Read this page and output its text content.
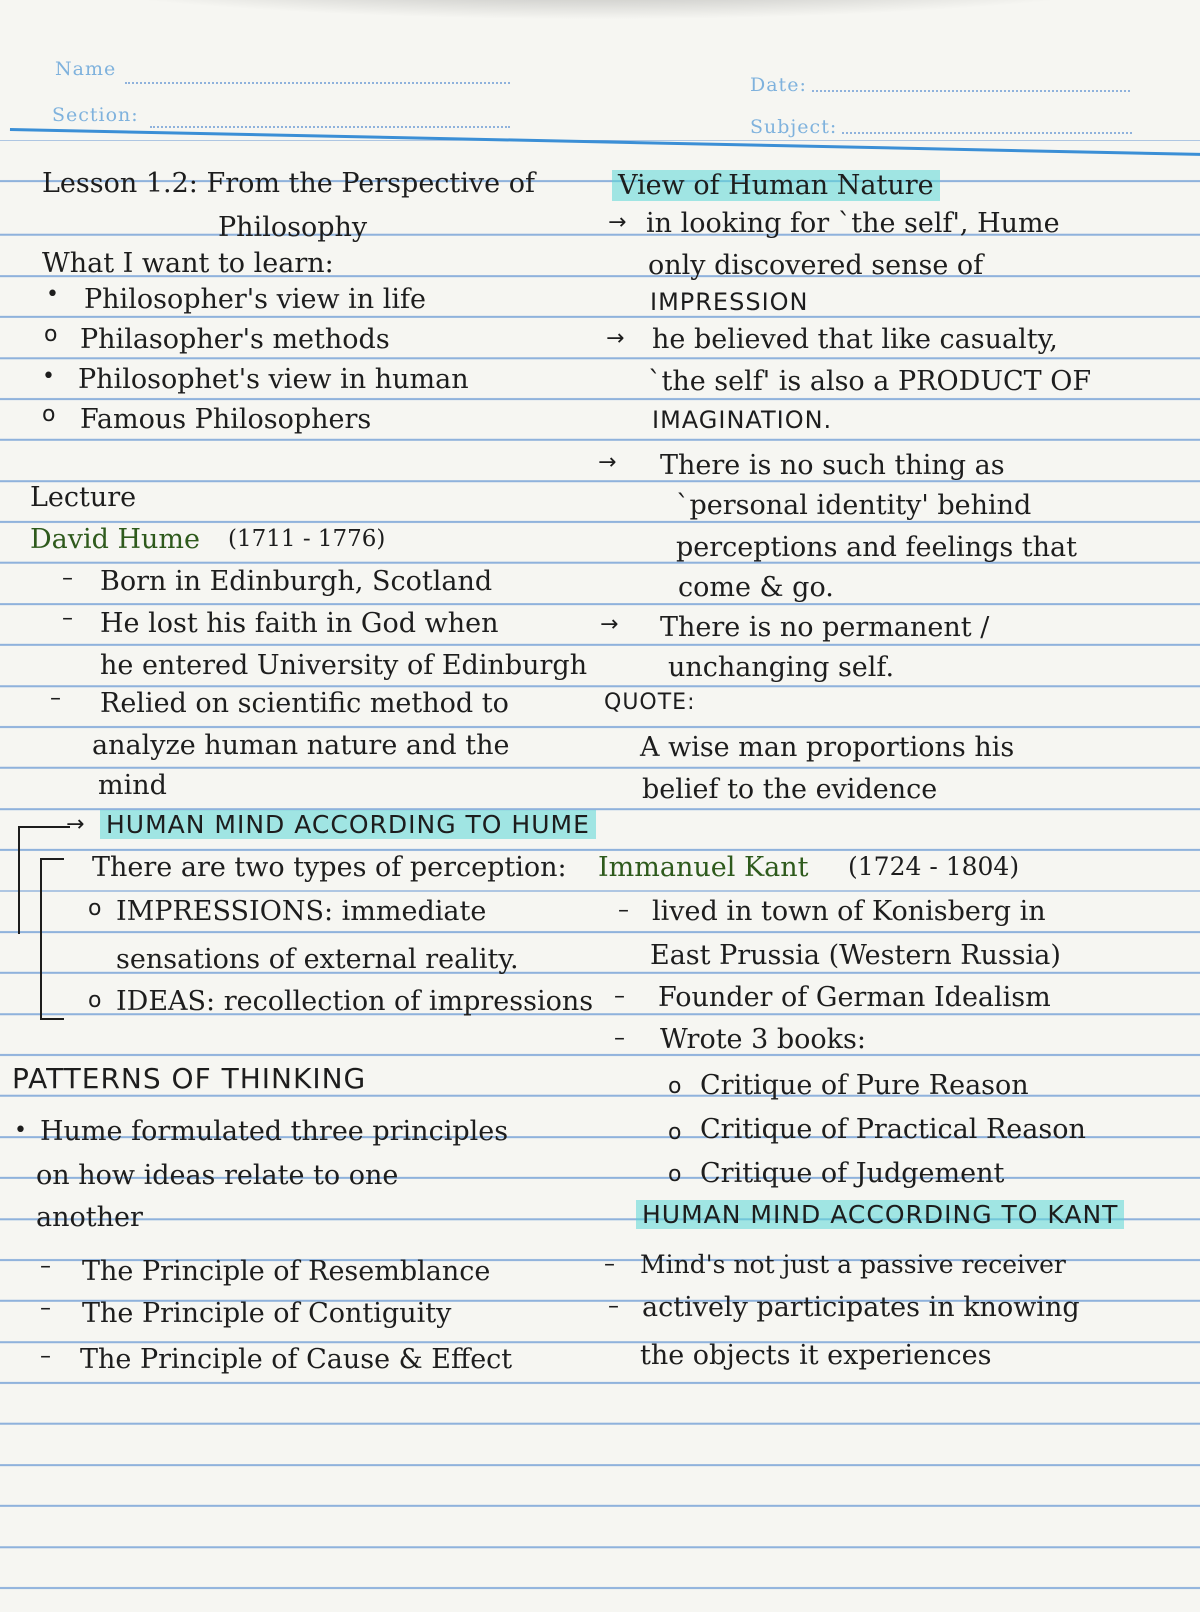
Name
Section:
Date:
Subject:
Lesson 1.2: From the Perspective of
Philosophy
What I want to learn:
• Philosopher's view in life
o Philasopher's methods
• Philosophet's view in human
o Famous Philosophers
Lecture
David Hume (1711 - 1776)
– Born in Edinburgh, Scotland
– He lost his faith in God when
he entered University of Edinburgh
– Relied on scientific method to
analyze human nature and the
mind
→ HUMAN MIND ACCORDING TO HUME
There are two types of perception:
o IMPRESSIONS: immediate
sensations of external reality.
o IDEAS: recollection of impressions
PATTERNS OF THINKING
• Hume formulated three principles
on how ideas relate to one
another
– The Principle of Resemblance
– The Principle of Contiguity
– The Principle of Cause & Effect
View of Human Nature
→ in looking for `the self', Hume
only discovered sense of
IMPRESSION
→ he believed that like casualty,
`the self' is also a PRODUCT OF
IMAGINATION.
→ There is no such thing as
`personal identity' behind
perceptions and feelings that
come & go.
→ There is no permanent /
unchanging self.
QUOTE:
A wise man proportions his
belief to the evidence
Immanuel Kant (1724 - 1804)
– lived in town of Konisberg in
East Prussia (Western Russia)
– Founder of German Idealism
– Wrote 3 books:
o Critique of Pure Reason
o Critique of Practical Reason
o Critique of Judgement
HUMAN MIND ACCORDING TO KANT
– Mind's not just a passive receiver
– actively participates in knowing
the objects it experiences
